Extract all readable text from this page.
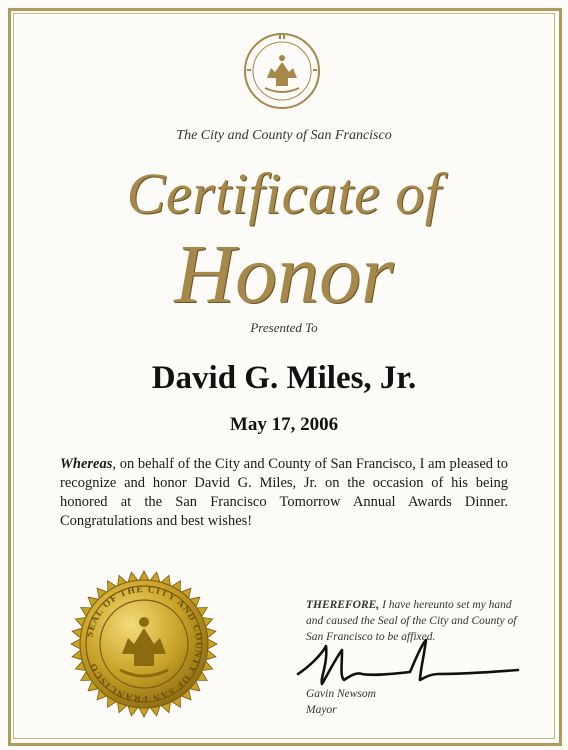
The City and County of San Francisco
Certificate of
Honor
Presented To
David G. Miles, Jr.
May 17, 2006
Whereas, on behalf of the City and County of San Francisco, I am pleased to recognize and honor David G. Miles, Jr. on the occasion of his being honored at the San Francisco Tomorrow Annual Awards Dinner. Congratulations and best wishes!
SEAL OF THE CITY AND COUNTY OF SAN FRANCISCO
THEREFORE, I have hereunto set my hand and caused the Seal of the City and County of San Francisco to be affixed.
Gavin Newsom
Mayor
